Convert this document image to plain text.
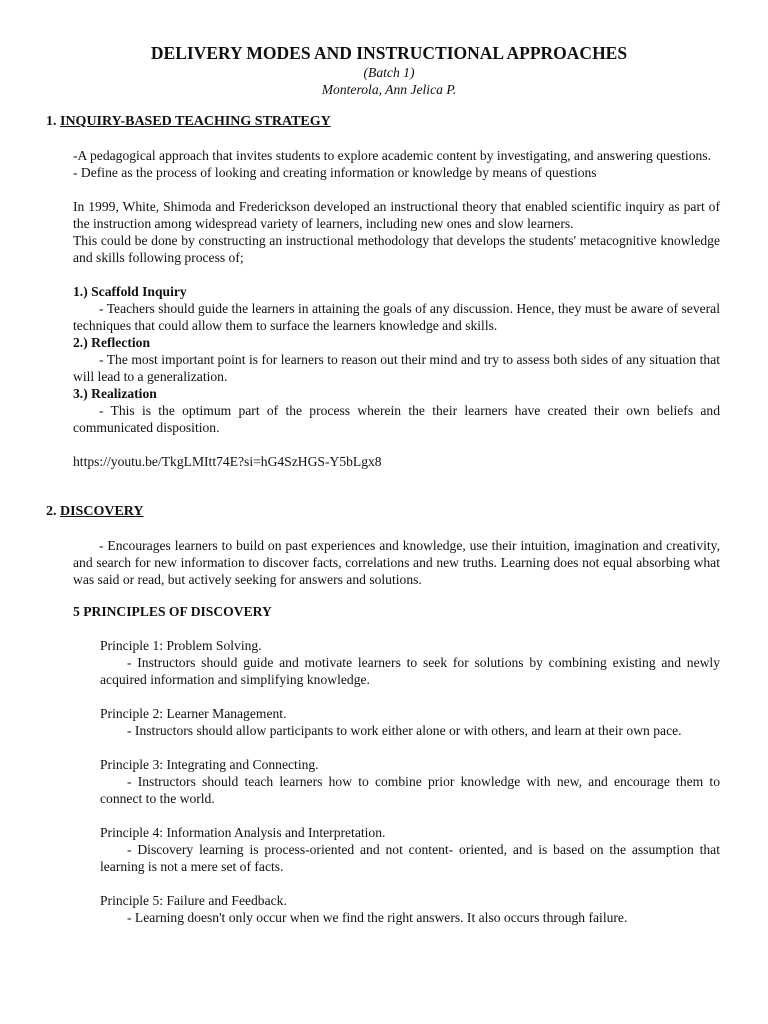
DELIVERY MODES AND INSTRUCTIONAL APPROACHES
(Batch 1)
Monterola, Ann Jelica P.
1. INQUIRY-BASED TEACHING STRATEGY
-A pedagogical approach that invites students to explore academic content by investigating, and answering questions.
- Define as the process of looking and creating information or knowledge by means of questions
In 1999, White, Shimoda and Frederickson developed an instructional theory that enabled scientific inquiry as part of the instruction among widespread variety of learners, including new ones and slow learners.
This could be done by constructing an instructional methodology that develops the students' metacognitive knowledge and skills following process of;
1.) Scaffold Inquiry
- Teachers should guide the learners in attaining the goals of any discussion. Hence, they must be aware of several techniques that could allow them to surface the learners knowledge and skills.
2.) Reflection
- The most important point is for learners to reason out their mind and try to assess both sides of any situation that will lead to a generalization.
3.) Realization
- This is the optimum part of the process wherein the their learners have created their own beliefs and communicated disposition.
https://youtu.be/TkgLMItt74E?si=hG4SzHGS-Y5bLgx8
2. DISCOVERY
- Encourages learners to build on past experiences and knowledge, use their intuition, imagination and creativity, and search for new information to discover facts, correlations and new truths. Learning does not equal absorbing what was said or read, but actively seeking for answers and solutions.
5 PRINCIPLES OF DISCOVERY
Principle 1: Problem Solving.
- Instructors should guide and motivate learners to seek for solutions by combining existing and newly acquired information and simplifying knowledge.
Principle 2: Learner Management.
- Instructors should allow participants to work either alone or with others, and learn at their own pace.
Principle 3: Integrating and Connecting.
- Instructors should teach learners how to combine prior knowledge with new, and encourage them to connect to the world.
Principle 4: Information Analysis and Interpretation.
- Discovery learning is process-oriented and not content- oriented, and is based on the assumption that learning is not a mere set of facts.
Principle 5: Failure and Feedback.
- Learning doesn't only occur when we find the right answers. It also occurs through failure.
